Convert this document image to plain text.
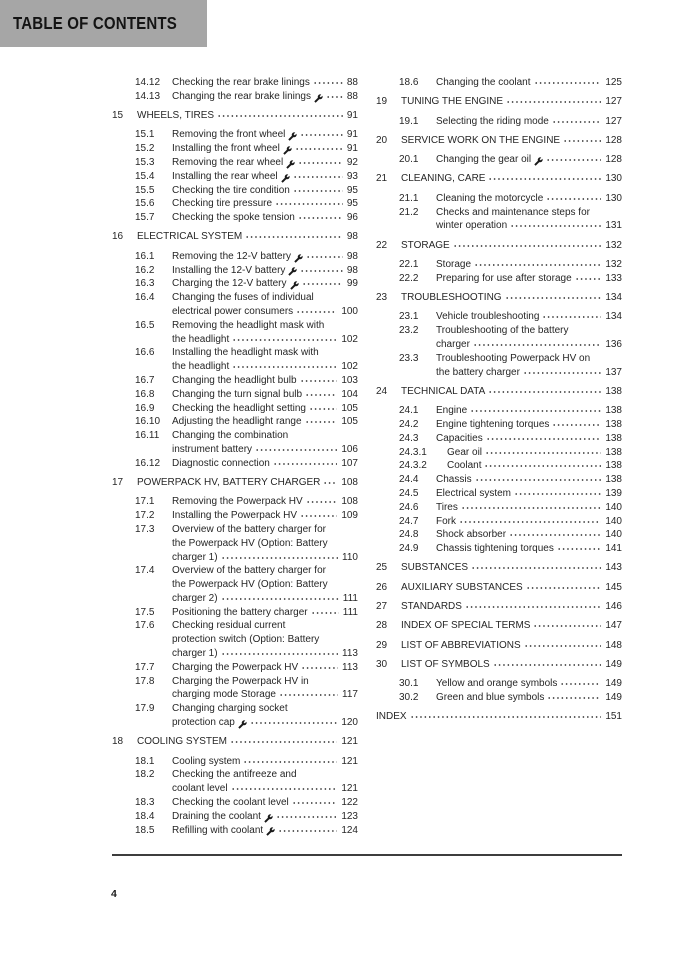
TABLE OF CONTENTS
14.12	Checking the rear brake linings	88
14.13	Changing the rear brake linings	88
15	WHEELS, TIRES	91
15.1	Removing the front wheel	91
15.2	Installing the front wheel	91
15.3	Removing the rear wheel	92
15.4	Installing the rear wheel	93
15.5	Checking the tire condition	95
15.6	Checking tire pressure	95
15.7	Checking the spoke tension	96
16	ELECTRICAL SYSTEM	98
16.1	Removing the 12-V battery	98
16.2	Installing the 12-V battery	98
16.3	Charging the 12-V battery	99
16.4	Changing the fuses of individual
electrical power consumers	100
16.5	Removing the headlight mask with
the headlight	102
16.6	Installing the headlight mask with
the headlight	102
16.7	Changing the headlight bulb	103
16.8	Changing the turn signal bulb	104
16.9	Checking the headlight setting	105
16.10	Adjusting the headlight range	105
16.11	Changing the combination
instrument battery	106
16.12	Diagnostic connection	107
17	POWERPACK HV, BATTERY CHARGER 108
17.1	Removing the Powerpack HV	108
17.2	Installing the Powerpack HV	109
17.3	Overview of the battery charger for
the Powerpack HV (Option: Battery
charger 1)	110
17.4	Overview of the battery charger for
the Powerpack HV (Option: Battery
charger 2)	111
17.5	Positioning the battery charger	111
17.6	Checking residual current
protection switch (Option: Battery
charger 1)	113
17.7	Charging the Powerpack HV	113
17.8	Charging the Powerpack HV in
charging mode Storage	117
17.9	Changing charging socket
protection cap	120
18	COOLING SYSTEM	121
18.1	Cooling system	121
18.2	Checking the antifreeze and
coolant level	121
18.3	Checking the coolant level	122
18.4	Draining the coolant	123
18.5	Refilling with coolant	124
18.6	Changing the coolant	125
19	TUNING THE ENGINE	127
19.1	Selecting the riding mode	127
20	SERVICE WORK ON THE ENGINE	128
20.1	Changing the gear oil	128
21	CLEANING, CARE	130
21.1	Cleaning the motorcycle	130
21.2	Checks and maintenance steps for
winter operation	131
22	STORAGE	132
22.1	Storage	132
22.2	Preparing for use after storage	133
23	TROUBLESHOOTING	134
23.1	Vehicle troubleshooting	134
23.2	Troubleshooting of the battery
charger	136
23.3	Troubleshooting Powerpack HV on
the battery charger	137
24	TECHNICAL DATA	138
24.1	Engine	138
24.2	Engine tightening torques	138
24.3	Capacities	138
24.3.1	Gear oil	138
24.3.2	Coolant	138
24.4	Chassis	138
24.5	Electrical system	139
24.6	Tires	140
24.7	Fork	140
24.8	Shock absorber	140
24.9	Chassis tightening torques	141
25	SUBSTANCES	143
26	AUXILIARY SUBSTANCES	145
27	STANDARDS	146
28	INDEX OF SPECIAL TERMS	147
29	LIST OF ABBREVIATIONS	148
30	LIST OF SYMBOLS	149
30.1	Yellow and orange symbols	149
30.2	Green and blue symbols	149
INDEX	151
4
